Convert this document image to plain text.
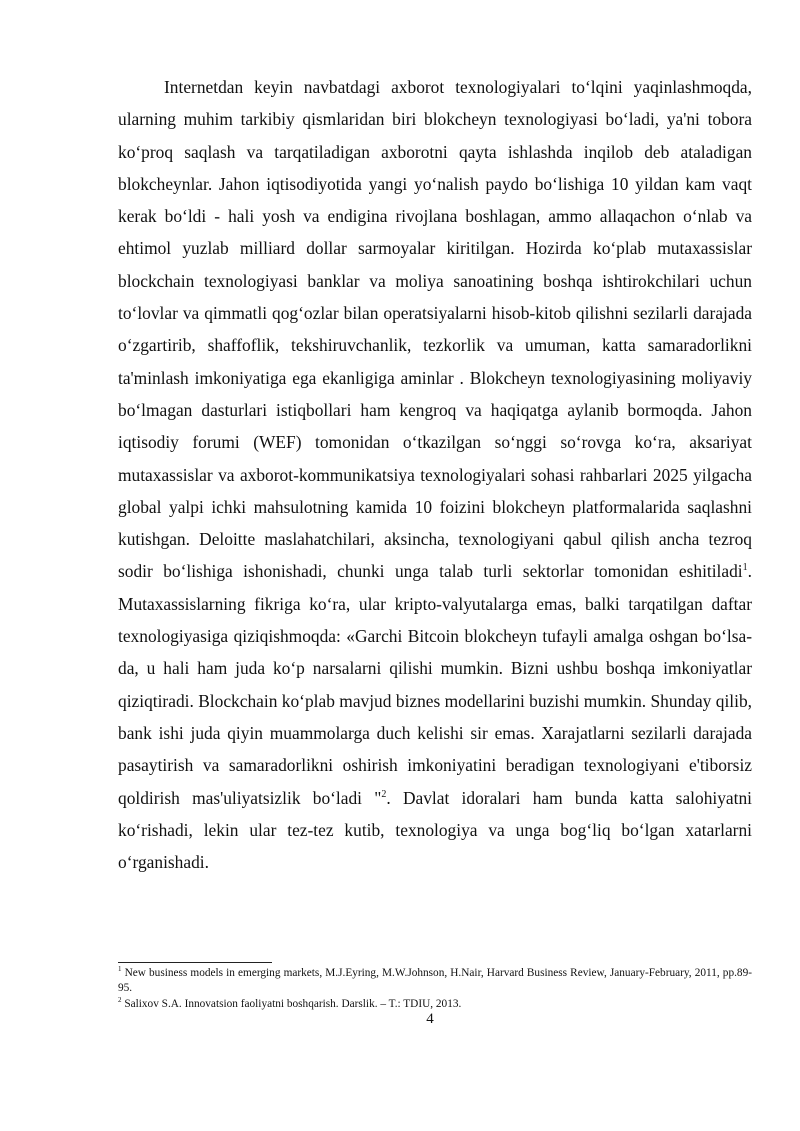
Internetdan keyin navbatdagi axborot texnologiyalari to‘lqini yaqinlashmoqda, ularning muhim tarkibiy qismlaridan biri blokcheyn texnologiyasi bo‘ladi, ya'ni tobora ko‘proq saqlash va tarqatiladigan axborotni qayta ishlashda inqilob deb ataladigan blokcheynlar. Jahon iqtisodiyotida yangi yo‘nalish paydo bo‘lishiga 10 yildan kam vaqt kerak bo‘ldi - hali yosh va endigina rivojlana boshlagan, ammo allaqachon o‘nlab va ehtimol yuzlab milliard dollar sarmoyalar kiritilgan. Hozirda ko‘plab mutaxassislar blockchain texnologiyasi banklar va moliya sanoatining boshqa ishtirokchilari uchun to‘lovlar va qimmatli qog‘ozlar bilan operatsiyalarni hisob-kitob qilishni sezilarli darajada o‘zgartirib, shaffoflik, tekshiruvchanlik, tezkorlik va umuman, katta samaradorlikni ta'minlash imkoniyatiga ega ekanligiga aminlar . Blokcheyn texnologiyasining moliyaviy bo‘lmagan dasturlari istiqbollari ham kengroq va haqiqatga aylanib bormoqda. Jahon iqtisodiy forumi (WEF) tomonidan o‘tkazilgan so‘nggi so‘rovga ko‘ra, aksariyat mutaxassislar va axborot-kommunikatsiya texnologiyalari sohasi rahbarlari 2025 yilgacha global yalpi ichki mahsulotning kamida 10 foizini blokcheyn platformalarida saqlashni kutishgan. Deloitte maslahatchilari, aksincha, texnologiyani qabul qilish ancha tezroq sodir bo‘lishiga ishonishadi, chunki unga talab turli sektorlar tomonidan eshitiladi$^1$. Mutaxassislarning fikriga ko‘ra, ular kripto-valyutalarga emas, balki tarqatilgan daftar texnologiyasiga qiziqishmoqda: «Garchi Bitcoin blokcheyn tufayli amalga oshgan bo‘lsa-da, u hali ham juda ko‘p narsalarni qilishi mumkin. Bizni ushbu boshqa imkoniyatlar qiziqtiradi. Blockchain ko‘plab mavjud biznes modellarini buzishi mumkin. Shunday qilib, bank ishi juda qiyin muammolarga duch kelishi sir emas. Xarajatlarni sezilarli darajada pasaytirish va samaradorlikni oshirish imkoniyatini beradigan texnologiyani e'tiborsiz qoldirish mas'uliyatsizlik bo‘ladi "$^2$. Davlat idoralari ham bunda katta salohiyatni ko‘rishadi, lekin ular tez-tez kutib, texnologiya va unga bog‘liq bo‘lgan xatarlarni o‘rganishadi.

$^1$ New business models in emerging markets, M.J.Eyring, M.W.Johnson, H.Nair, Harvard Business Review, January-February, 2011, pp.89-95.

$^2$ Salixov S.A. Innovatsion faoliyatni boshqarish. Darslik. – T.: TDIU, 2013.

4
